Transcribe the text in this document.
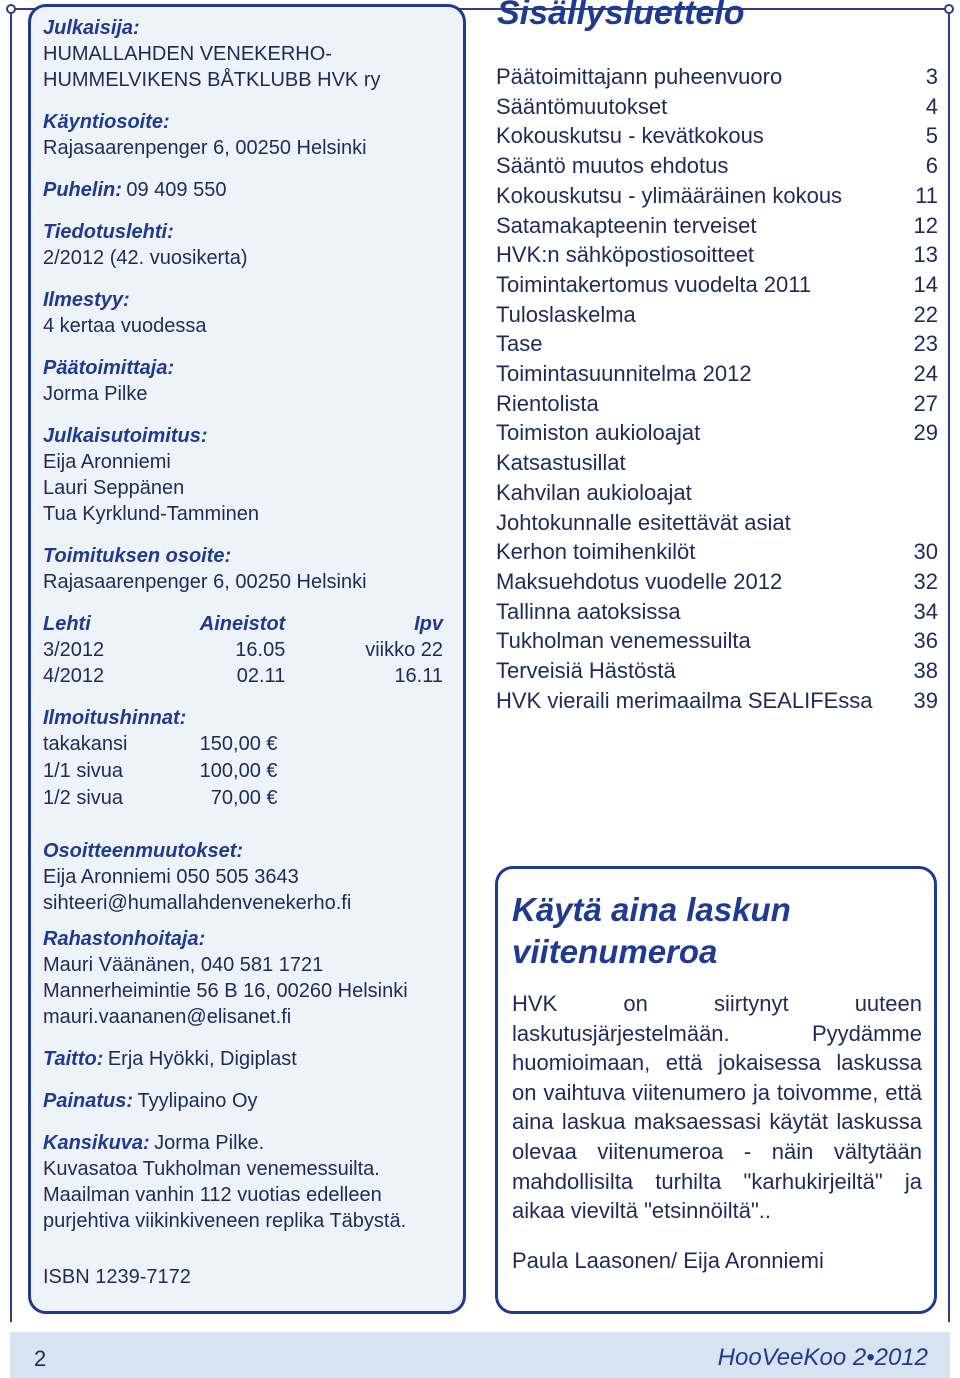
Julkaisija:
HUMALLAHDEN VENEKERHO-
HUMMELVIKENS BÅTKLUBB HVK ry
Käyntiosoite:
Rajasaarenpenger 6, 00250 Helsinki
Puhelin: 09 409 550
Tiedotuslehti:
2/2012 (42. vuosikerta)
Ilmestyy:
4 kertaa vuodessa
Päätoimittaja:
Jorma Pilke
Julkaisutoimitus:
Eija Aronniemi
Lauri Seppänen
Tua Kyrklund-Tamminen
Toimituksen osoite:
Rajasaarenpenger 6, 00250 Helsinki
Lehti	Aineistot	Ipv
3/2012	16.05	viikko 22
4/2012	02.11	16.11
Ilmoitushinnat:
takakansi	150,00 €
1/1 sivua	100,00 €
1/2 sivua	70,00 €
Osoitteenmuutokset:
Eija Aronniemi 050 505 3643
sihteeri@humallahdenvenekerho.fi
Rahastonhoitaja:
Mauri Väänänen, 040 581 1721
Mannerheimintie 56 B 16, 00260 Helsinki
mauri.vaananen@elisanet.fi
Taitto: Erja Hyökki, Digiplast
Painatus: Tyylipaino Oy
Kansikuva: Jorma Pilke.
Kuvasatoa Tukholman venemessuilta.
Maailman vanhin 112 vuotias edelleen
purjehtiva viikinkiveneen replika Täbystä.
ISBN 1239-7172
Sisällysluettelo
Päätoimittajann puheenvuoro	3
Sääntömuutokset	4
Kokouskutsu - kevätkokous	5
Sääntö muutos ehdotus	6
Kokouskutsu - ylimääräinen kokous	11
Satamakapteenin terveiset	12
HVK:n sähköpostiosoitteet	13
Toimintakertomus vuodelta 2011	14
Tuloslaskelma	22
Tase	23
Toimintasuunnitelma 2012	24
Rientolista	27
Toimiston aukioloajat	29
Katsastusillat
Kahvilan aukioloajat
Johtokunnalle esitettävät asiat
Kerhon toimihenkilöt	30
Maksuehdotus vuodelle 2012	32
Tallinna aatoksissa	34
Tukholman venemessuilta	36
Terveisiä Hästöstä	38
HVK vieraili merimaailma SEALIFEssa 39
Käytä aina laskun
viitenumeroa
HVK on siirtynyt uuteen laskutusjärjestelmään. Pyydämme huomioimaan, että jokaisessa laskussa on vaihtuva viitenumero ja toivomme, että aina laskua maksaessasi käytät laskussa olevaa viitenumeroa - näin vältytään mahdollisilta turhilta "karhukirjeiltä" ja aikaa vieviltä "etsinnöiltä"..
Paula Laasonen/ Eija Aronniemi
2	HooVeeKoo 2•2012
